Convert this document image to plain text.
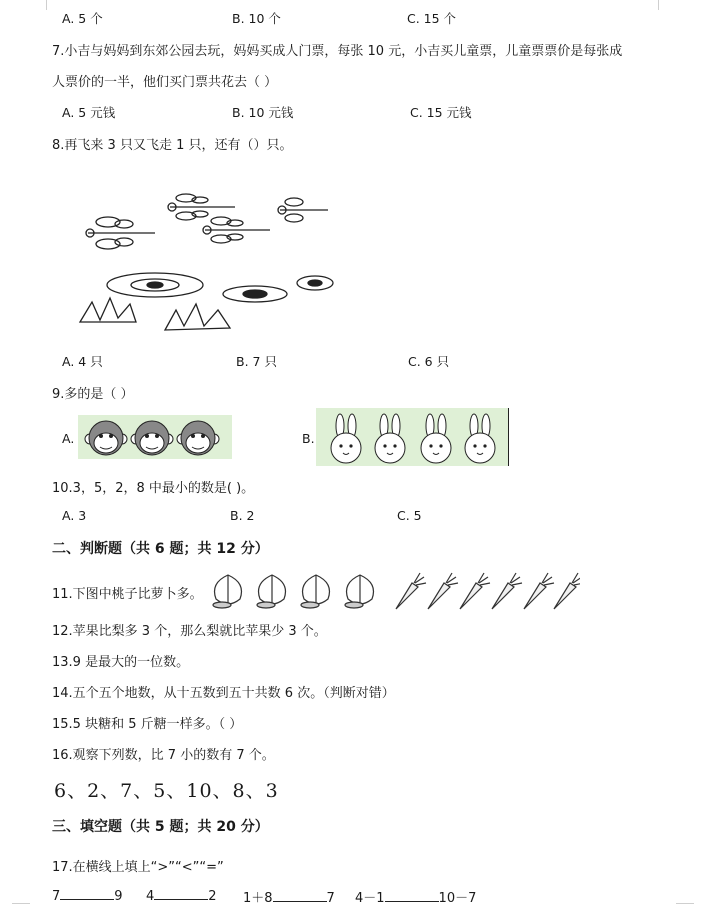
A. 5 个	B. 10 个	C. 15 个
7.小吉与妈妈到东郊公园去玩，妈妈买成人门票，每张 10 元，小吉买儿童票，儿童票票价是每张成
人票价的一半，他们买门票共花去（ ）
A. 5 元钱	B. 10 元钱	C. 15 元钱
8.再飞来 3 只又飞走 1 只，还有（）只。
A. 4 只	B. 7 只	C. 6 只
9.多的是（ ）
A.	B.
10.3，5，2，8 中最小的数是( )。
A. 3	B. 2	C. 5
二、判断题（共 6 题；共 12 分）
11.下图中桃子比萝卜多。
12.苹果比梨多 3 个，那么梨就比苹果少 3 个。
13.9 是最大的一位数。
14.五个五个地数，从十五数到五十共数 6 次。（判断对错）
15.5 块糖和 5 斤糖一样多。（ ）
16.观察下列数，比 7 小的数有 7 个。
6、2、7、5、10、8、3
三、填空题（共 5 题；共 20 分）
17.在横线上填上“>”“<”“=”
7	9 4	2 1＋8	7 4－1	10－7
